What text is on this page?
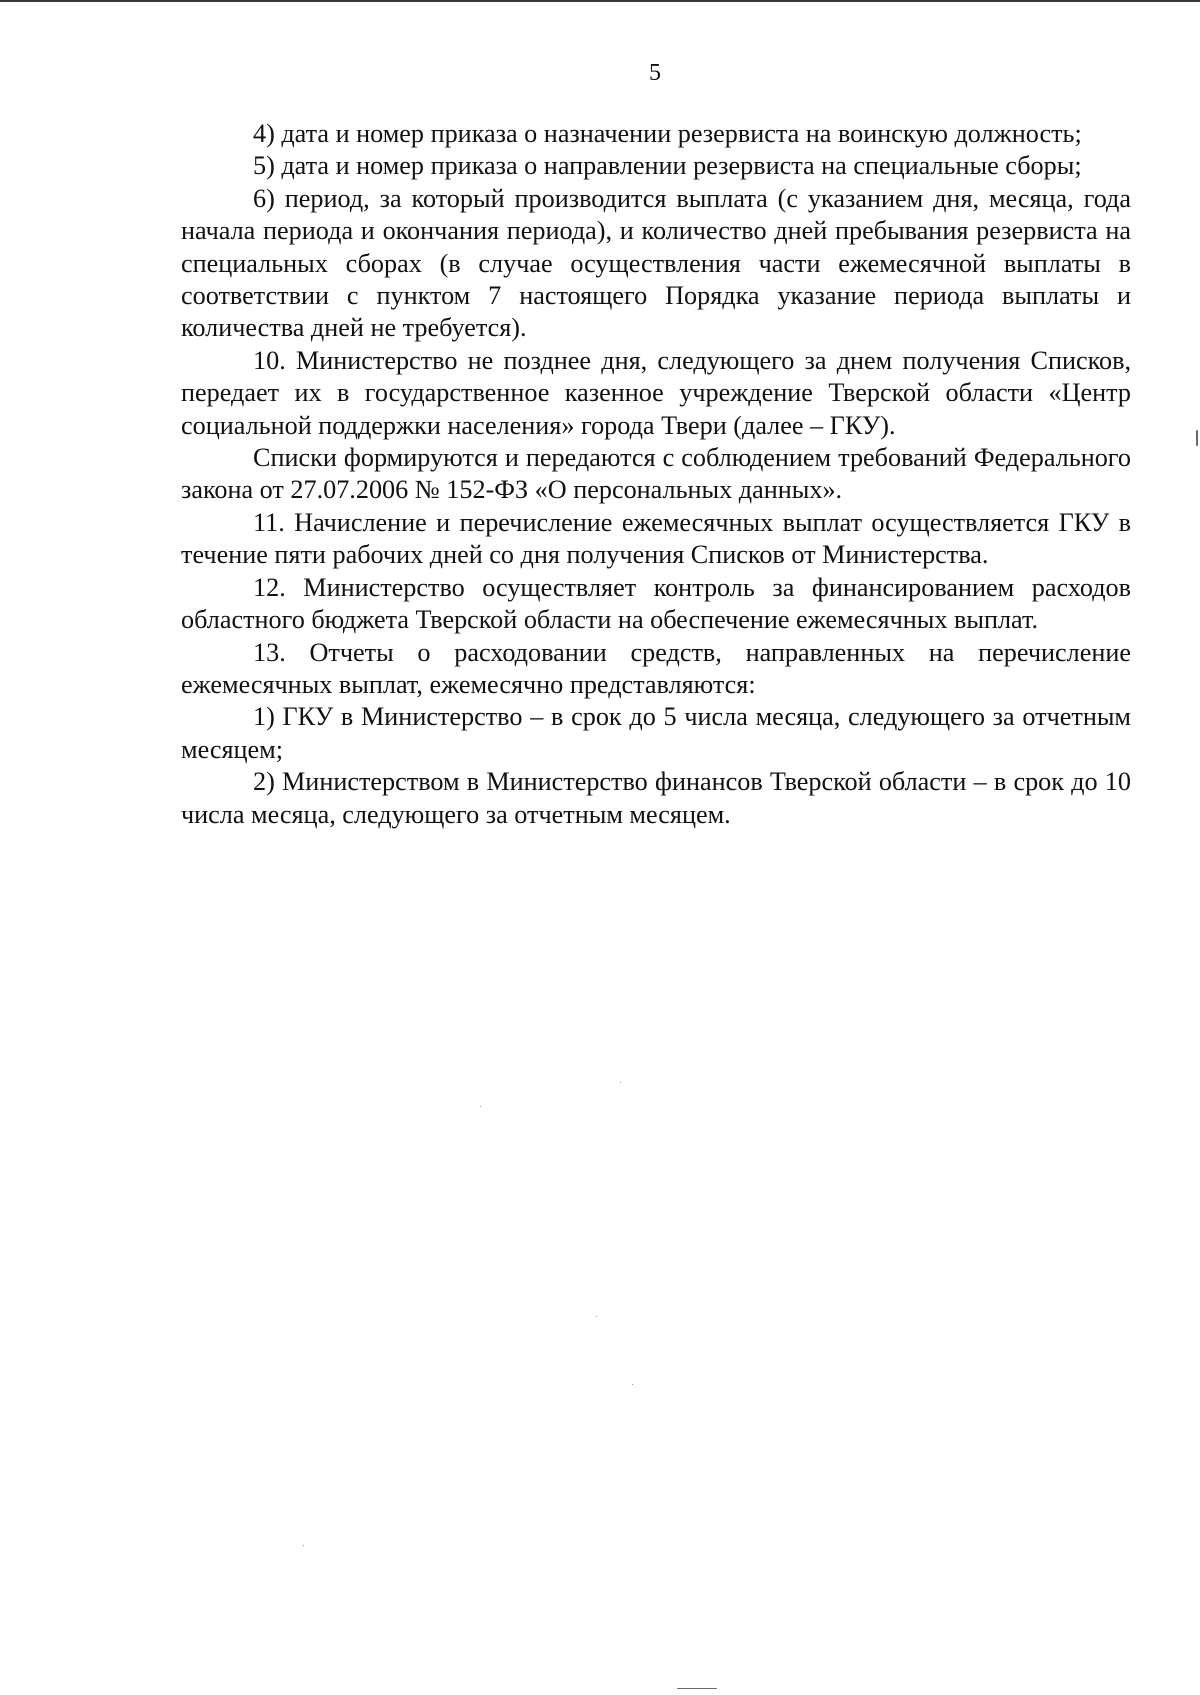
5

4) дата и номер приказа о назначении резервиста на воинскую должность;

5) дата и номер приказа о направлении резервиста на специальные сборы;

6) период, за который производится выплата (с указанием дня, месяца, года начала периода и окончания периода), и количество дней пребывания резервиста на специальных сборах (в случае осуществления части ежемесячной выплаты в соответствии с пунктом 7 настоящего Порядка указание периода выплаты и количества дней не требуется).

10. Министерство не позднее дня, следующего за днем получения Списков, передает их в государственное казенное учреждение Тверской области «Центр социальной поддержки населения» города Твери (далее – ГКУ).

Списки формируются и передаются с соблюдением требований Федерального закона от 27.07.2006 № 152-ФЗ «О персональных данных».

11. Начисление и перечисление ежемесячных выплат осуществляется ГКУ в течение пяти рабочих дней со дня получения Списков от Министерства.

12. Министерство осуществляет контроль за финансированием расходов областного бюджета Тверской области на обеспечение ежемесячных выплат.

13. Отчеты о расходовании средств, направленных на перечисление ежемесячных выплат, ежемесячно представляются:

1) ГКУ в Министерство – в срок до 5 числа месяца, следующего за отчетным месяцем;

2) Министерством в Министерство финансов Тверской области – в срок до 10 числа месяца, следующего за отчетным месяцем.
